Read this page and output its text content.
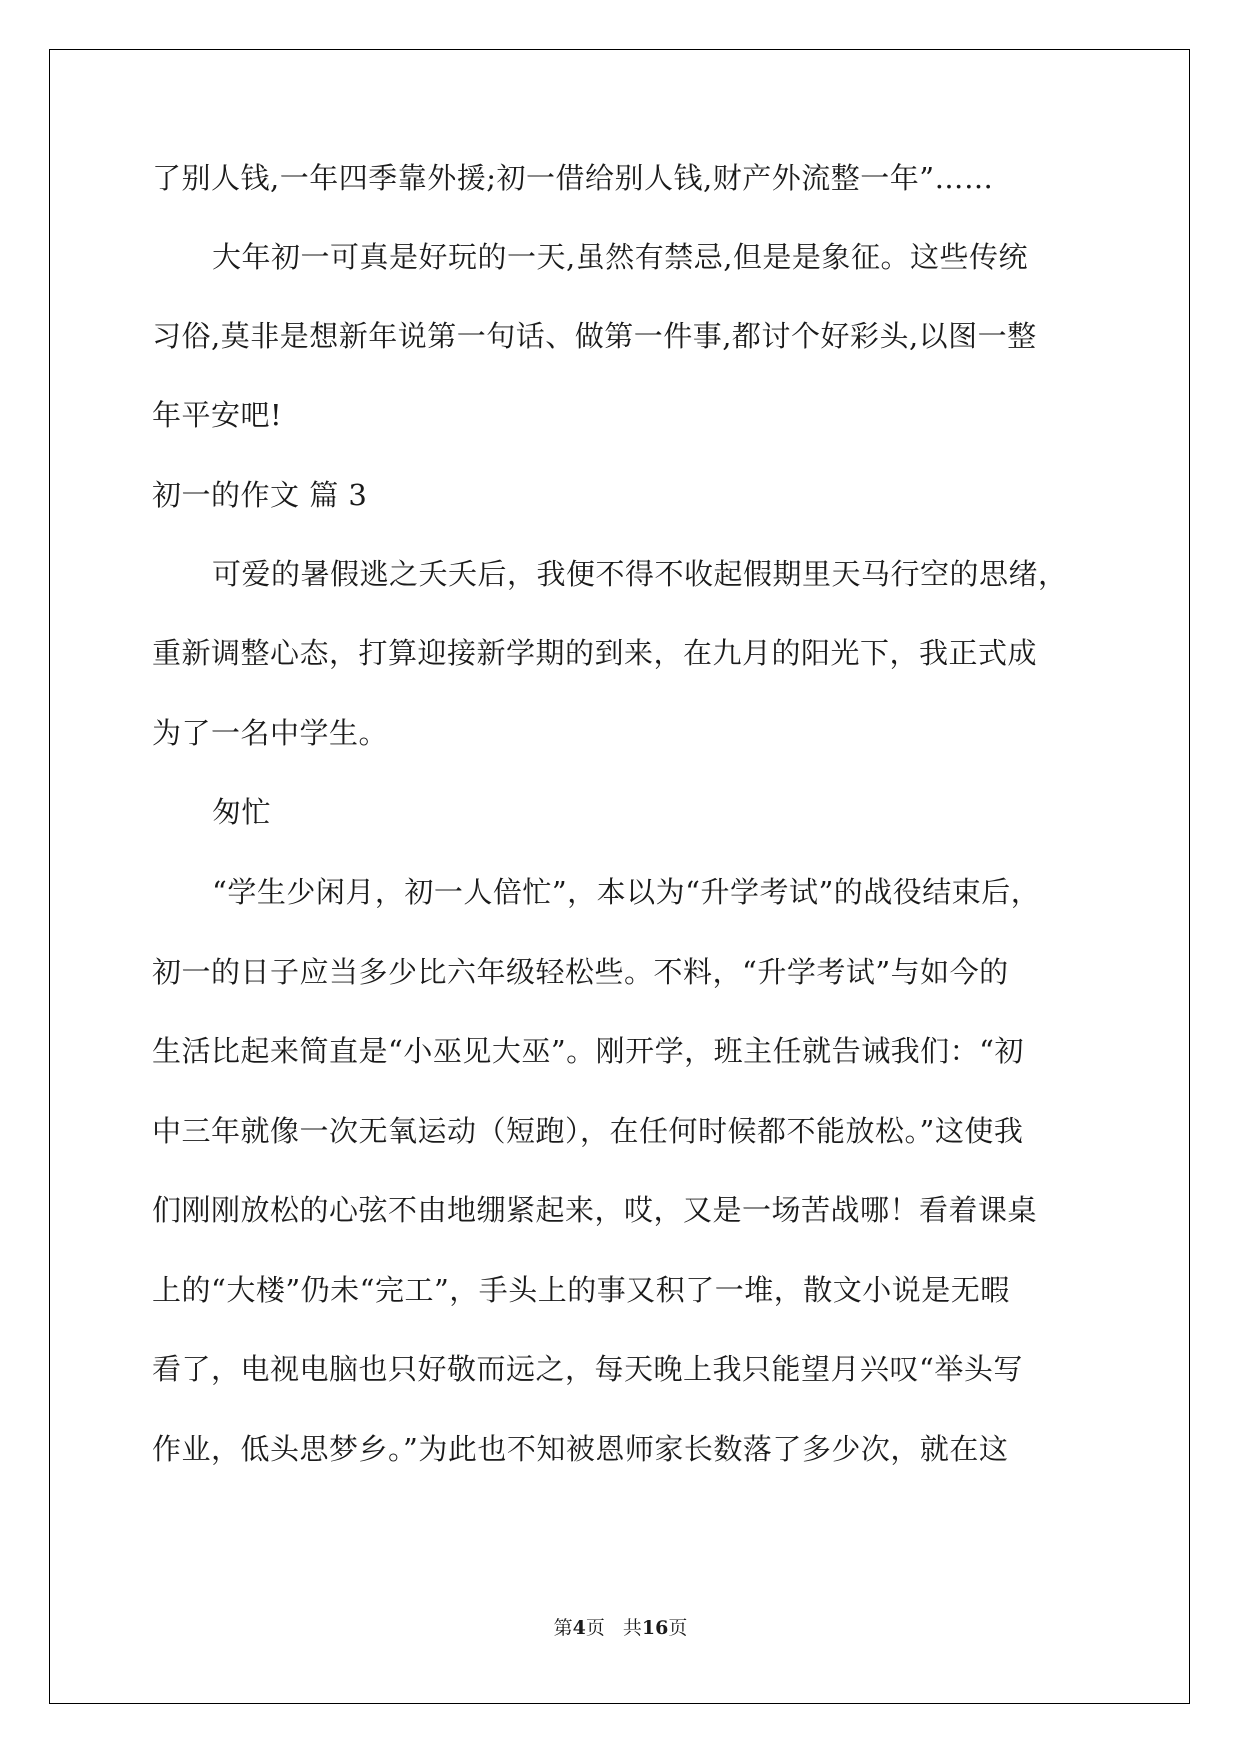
了别人钱,一年四季靠外援;初一借给别人钱,财产外流整一年”……
大年初一可真是好玩的一天,虽然有禁忌,但是是象征。这些传统
习俗,莫非是想新年说第一句话、做第一件事,都讨个好彩头,以图一整
年平安吧!
初一的作文 篇 3
可爱的暑假逃之夭夭后，我便不得不收起假期里天马行空的思绪，
重新调整心态，打算迎接新学期的到来，在九月的阳光下，我正式成
为了一名中学生。
匆忙
“学生少闲月，初一人倍忙”，本以为“升学考试”的战役结束后，
初一的日子应当多少比六年级轻松些。不料，“升学考试”与如今的
生活比起来简直是“小巫见大巫”。刚开学，班主任就告诫我们：“初
中三年就像一次无氧运动（短跑），在任何时候都不能放松。”这使我
们刚刚放松的心弦不由地绷紧起来，哎，又是一场苦战哪！看着课桌
上的“大楼”仍未“完工”，手头上的事又积了一堆，散文小说是无暇
看了，电视电脑也只好敬而远之，每天晚上我只能望月兴叹“举头写
作业，低头思梦乡。”为此也不知被恩师家长数落了多少次，就在这
第4页 共16页
